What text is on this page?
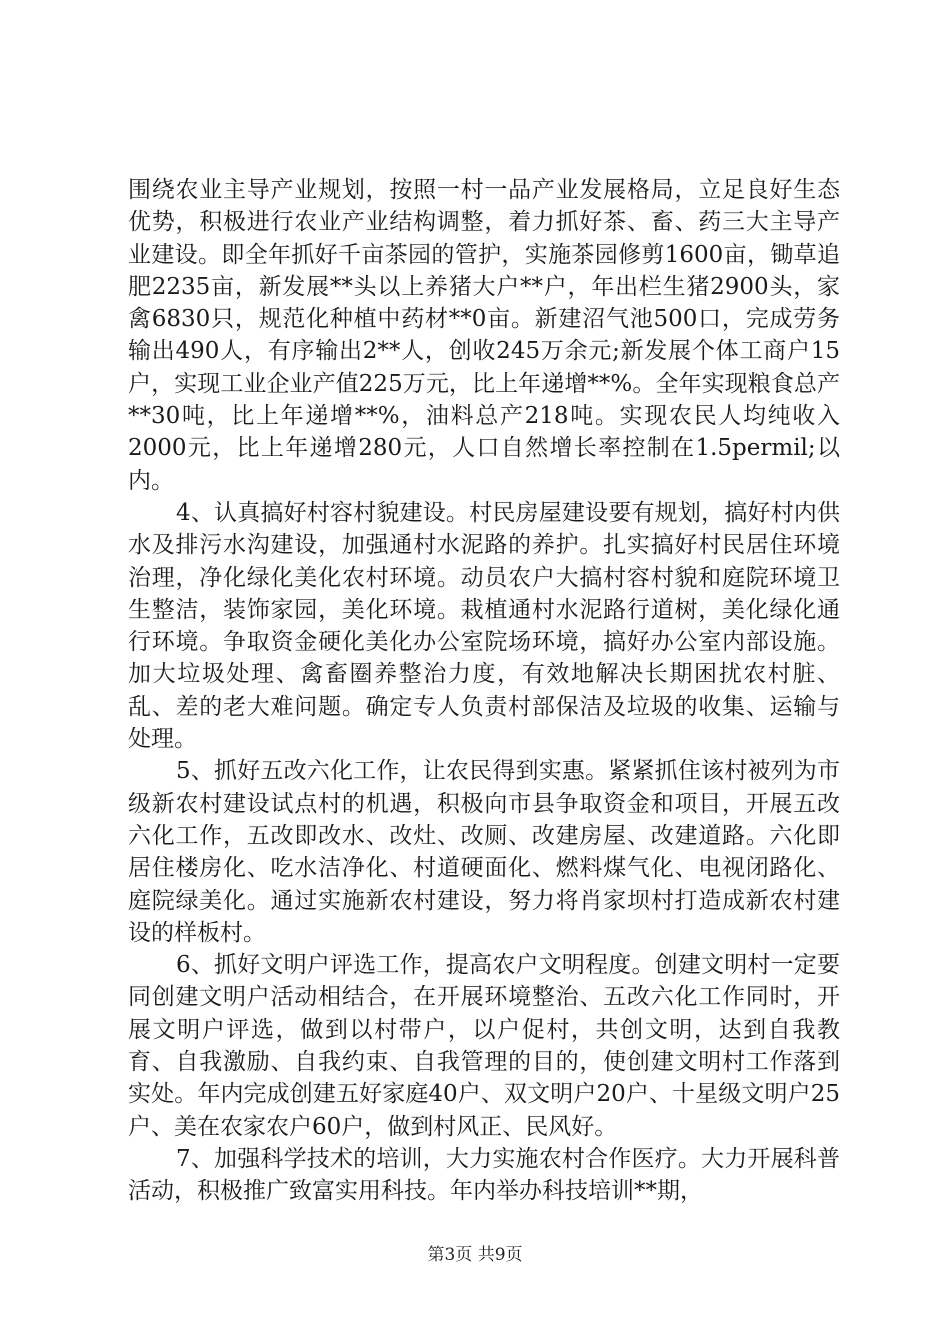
围绕农业主导产业规划，按照一村一品产业发展格局，立足良好生态优势，积极进行农业产业结构调整，着力抓好茶、畜、药三大主导产业建设。即全年抓好千亩茶园的管护，实施茶园修剪1600亩，锄草追肥2235亩，新发展**头以上养猪大户**户，年出栏生猪2900头，家禽6830只，规范化种植中药材**0亩。新建沼气池500口，完成劳务输出490人，有序输出2**人，创收245万余元;新发展个体工商户15户，实现工业企业产值225万元，比上年递增**%。全年实现粮食总产**30吨，比上年递增**%，油料总产218吨。实现农民人均纯收入2000元，比上年递增280元，人口自然增长率控制在1.5permil;以内。

4、认真搞好村容村貌建设。村民房屋建设要有规划，搞好村内供水及排污水沟建设，加强通村水泥路的养护。扎实搞好村民居住环境治理，净化绿化美化农村环境。动员农户大搞村容村貌和庭院环境卫生整洁，装饰家园，美化环境。栽植通村水泥路行道树，美化绿化通行环境。争取资金硬化美化办公室院场环境，搞好办公室内部设施。加大垃圾处理、禽畜圈养整治力度，有效地解决长期困扰农村脏、乱、差的老大难问题。确定专人负责村部保洁及垃圾的收集、运输与处理。

5、抓好五改六化工作，让农民得到实惠。紧紧抓住该村被列为市级新农村建设试点村的机遇，积极向市县争取资金和项目，开展五改六化工作，五改即改水、改灶、改厕、改建房屋、改建道路。六化即居住楼房化、吃水洁净化、村道硬面化、燃料煤气化、电视闭路化、庭院绿美化。通过实施新农村建设，努力将肖家坝村打造成新农村建设的样板村。

6、抓好文明户评选工作，提高农户文明程度。创建文明村一定要同创建文明户活动相结合，在开展环境整治、五改六化工作同时，开展文明户评选，做到以村带户，以户促村，共创文明，达到自我教育、自我激励、自我约束、自我管理的目的，使创建文明村工作落到实处。年内完成创建五好家庭40户、双文明户20户、十星级文明户25户、美在农家农户60户，做到村风正、民风好。

7、加强科学技术的培训，大力实施农村合作医疗。大力开展科普活动，积极推广致富实用科技。年内举办科技培训**期，

第3页 共9页
